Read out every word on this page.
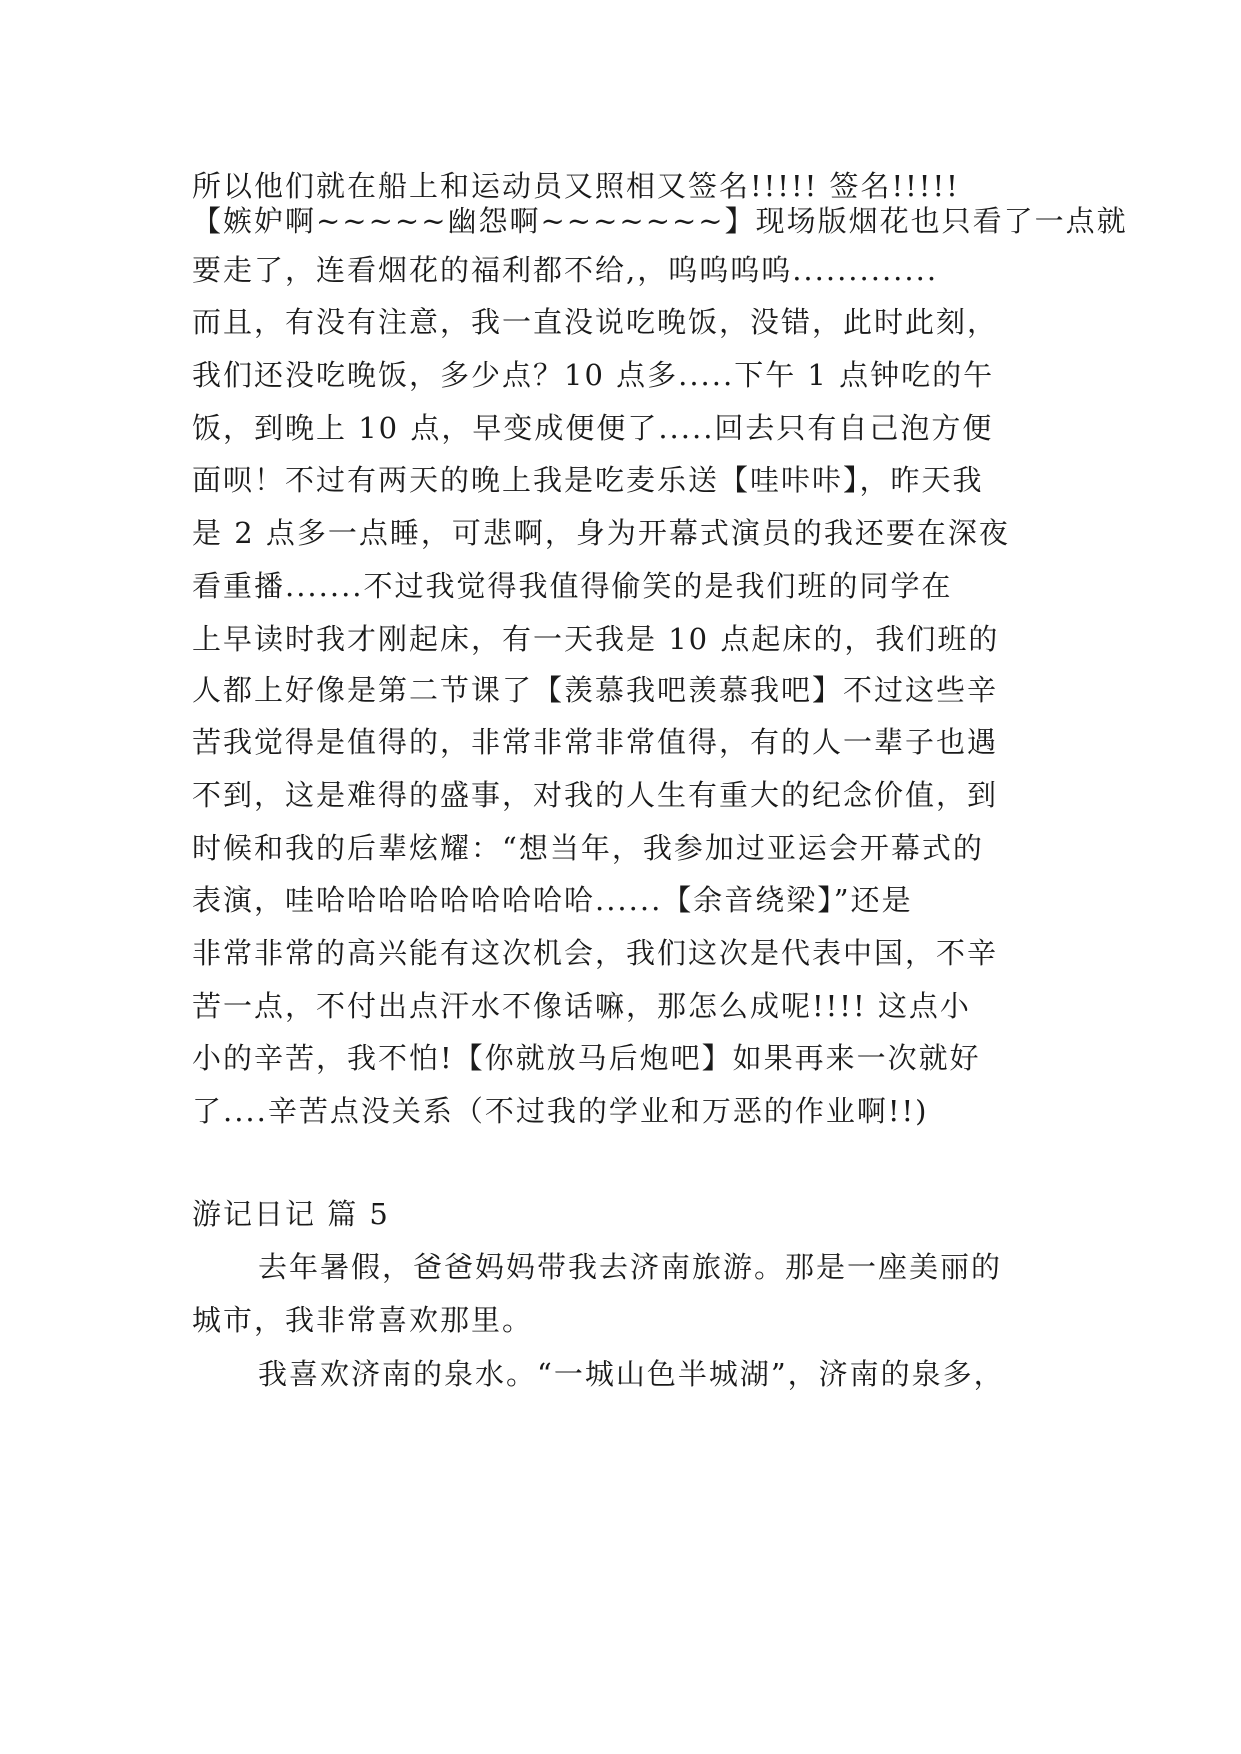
所以他们就在船上和运动员又照相又签名!!!!! 签名!!!!!
【嫉妒啊~~~~~幽怨啊~~~~~~~】现场版烟花也只看了一点就
要走了，连看烟花的福利都不给,，呜呜呜呜.............
而且，有没有注意，我一直没说吃晚饭，没错，此时此刻，
我们还没吃晚饭，多少点？10 点多.....下午 1 点钟吃的午
饭，到晚上 10 点，早变成便便了.....回去只有自己泡方便
面呗！不过有两天的晚上我是吃麦乐送【哇咔咔】，昨天我
是 2 点多一点睡，可悲啊，身为开幕式演员的我还要在深夜
看重播.......不过我觉得我值得偷笑的是我们班的同学在
上早读时我才刚起床，有一天我是 10 点起床的，我们班的
人都上好像是第二节课了【羡慕我吧羡慕我吧】不过这些辛
苦我觉得是值得的，非常非常非常值得，有的人一辈子也遇
不到，这是难得的盛事，对我的人生有重大的纪念价值，到
时候和我的后辈炫耀：“想当年，我参加过亚运会开幕式的
表演，哇哈哈哈哈哈哈哈哈哈......【余音绕梁】”还是
非常非常的高兴能有这次机会，我们这次是代表中国，不辛
苦一点，不付出点汗水不像话嘛，那怎么成呢!!!! 这点小
小的辛苦，我不怕!【你就放马后炮吧】如果再来一次就好
了....辛苦点没关系（不过我的学业和万恶的作业啊!!)
游记日记 篇 5
去年暑假，爸爸妈妈带我去济南旅游。那是一座美丽的
城市，我非常喜欢那里。
我喜欢济南的泉水。“一城山色半城湖”，济南的泉多，
